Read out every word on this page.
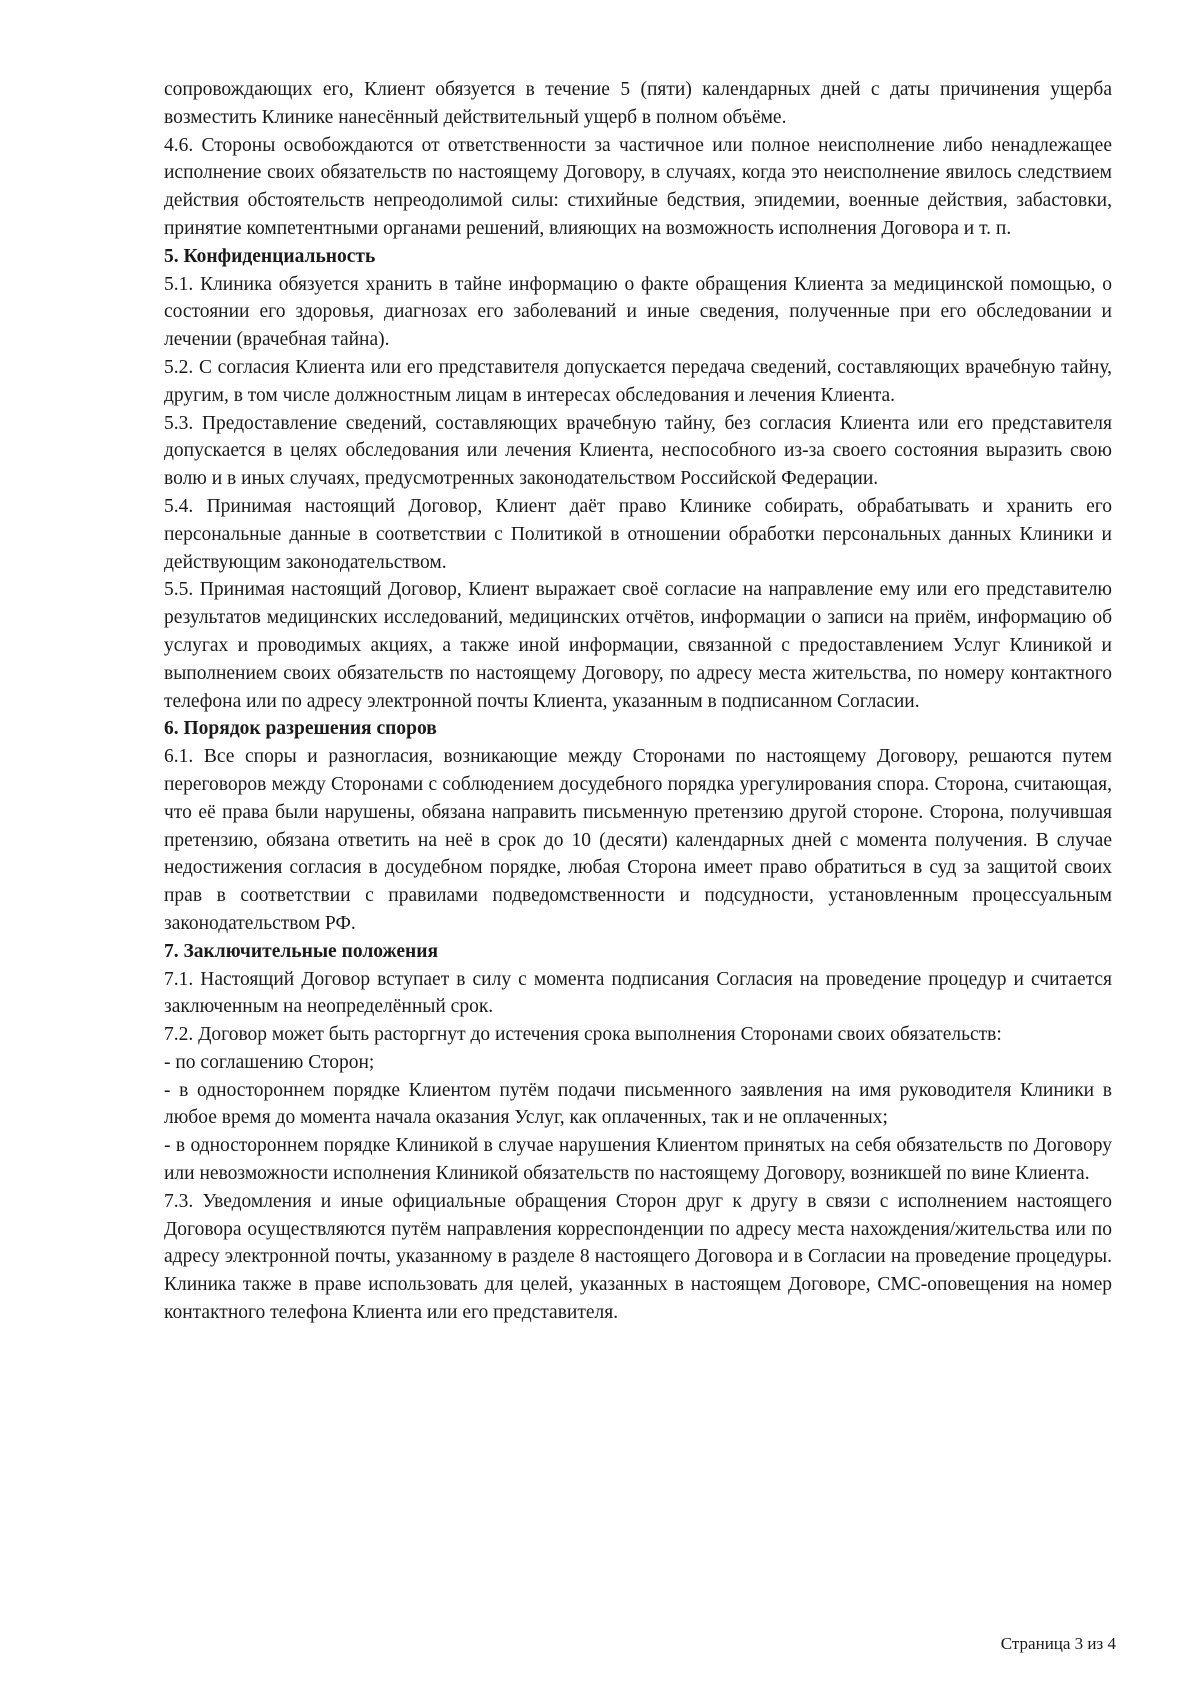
сопровождающих его, Клиент обязуется в течение 5 (пяти) календарных дней с даты причинения ущерба возместить Клинике нанесённый действительный ущерб в полном объёме.

4.6. Стороны освобождаются от ответственности за частичное или полное неисполнение либо ненадлежащее исполнение своих обязательств по настоящему Договору, в случаях, когда это неисполнение явилось следствием действия обстоятельств непреодолимой силы: стихийные бедствия, эпидемии, военные действия, забастовки, принятие компетентными органами решений, влияющих на возможность исполнения Договора и т. п.

5. Конфиденциальность

5.1. Клиника обязуется хранить в тайне информацию о факте обращения Клиента за медицинской помощью, о состоянии его здоровья, диагнозах его заболеваний и иные сведения, полученные при его обследовании и лечении (врачебная тайна).

5.2. С согласия Клиента или его представителя допускается передача сведений, составляющих врачебную тайну, другим, в том числе должностным лицам в интересах обследования и лечения Клиента.

5.3. Предоставление сведений, составляющих врачебную тайну, без согласия Клиента или его представителя допускается в целях обследования или лечения Клиента, неспособного из-за своего состояния выразить свою волю и в иных случаях, предусмотренных законодательством Российской Федерации.

5.4. Принимая настоящий Договор, Клиент даёт право Клинике собирать, обрабатывать и хранить его персональные данные в соответствии с Политикой в отношении обработки персональных данных Клиники и действующим законодательством.

5.5. Принимая настоящий Договор, Клиент выражает своё согласие на направление ему или его представителю результатов медицинских исследований, медицинских отчётов, информации о записи на приём, информацию об услугах и проводимых акциях, а также иной информации, связанной с предоставлением Услуг Клиникой и выполнением своих обязательств по настоящему Договору, по адресу места жительства, по номеру контактного телефона или по адресу электронной почты Клиента, указанным в подписанном Согласии.

6. Порядок разрешения споров

6.1. Все споры и разногласия, возникающие между Сторонами по настоящему Договору, решаются путем переговоров между Сторонами с соблюдением досудебного порядка урегулирования спора. Сторона, считающая, что её права были нарушены, обязана направить письменную претензию другой стороне. Сторона, получившая претензию, обязана ответить на неё в срок до 10 (десяти) календарных дней с момента получения. В случае недостижения согласия в досудебном порядке, любая Сторона имеет право обратиться в суд за защитой своих прав в соответствии с правилами подведомственности и подсудности, установленным процессуальным законодательством РФ.

7. Заключительные положения

7.1. Настоящий Договор вступает в силу с момента подписания Согласия на проведение процедур и считается заключенным на неопределённый срок.

7.2. Договор может быть расторгнут до истечения срока выполнения Сторонами своих обязательств:

- по соглашению Сторон;

- в одностороннем порядке Клиентом путём подачи письменного заявления на имя руководителя Клиники в любое время до момента начала оказания Услуг, как оплаченных, так и не оплаченных;

- в одностороннем порядке Клиникой в случае нарушения Клиентом принятых на себя обязательств по Договору или невозможности исполнения Клиникой обязательств по настоящему Договору, возникшей по вине Клиента.

7.3. Уведомления и иные официальные обращения Сторон друг к другу в связи с исполнением настоящего Договора осуществляются путём направления корреспонденции по адресу места нахождения/жительства или по адресу электронной почты, указанному в разделе 8 настоящего Договора и в Согласии на проведение процедуры. Клиника также в праве использовать для целей, указанных в настоящем Договоре, СМС-оповещения на номер контактного телефона Клиента или его представителя.

Страница 3 из 4
